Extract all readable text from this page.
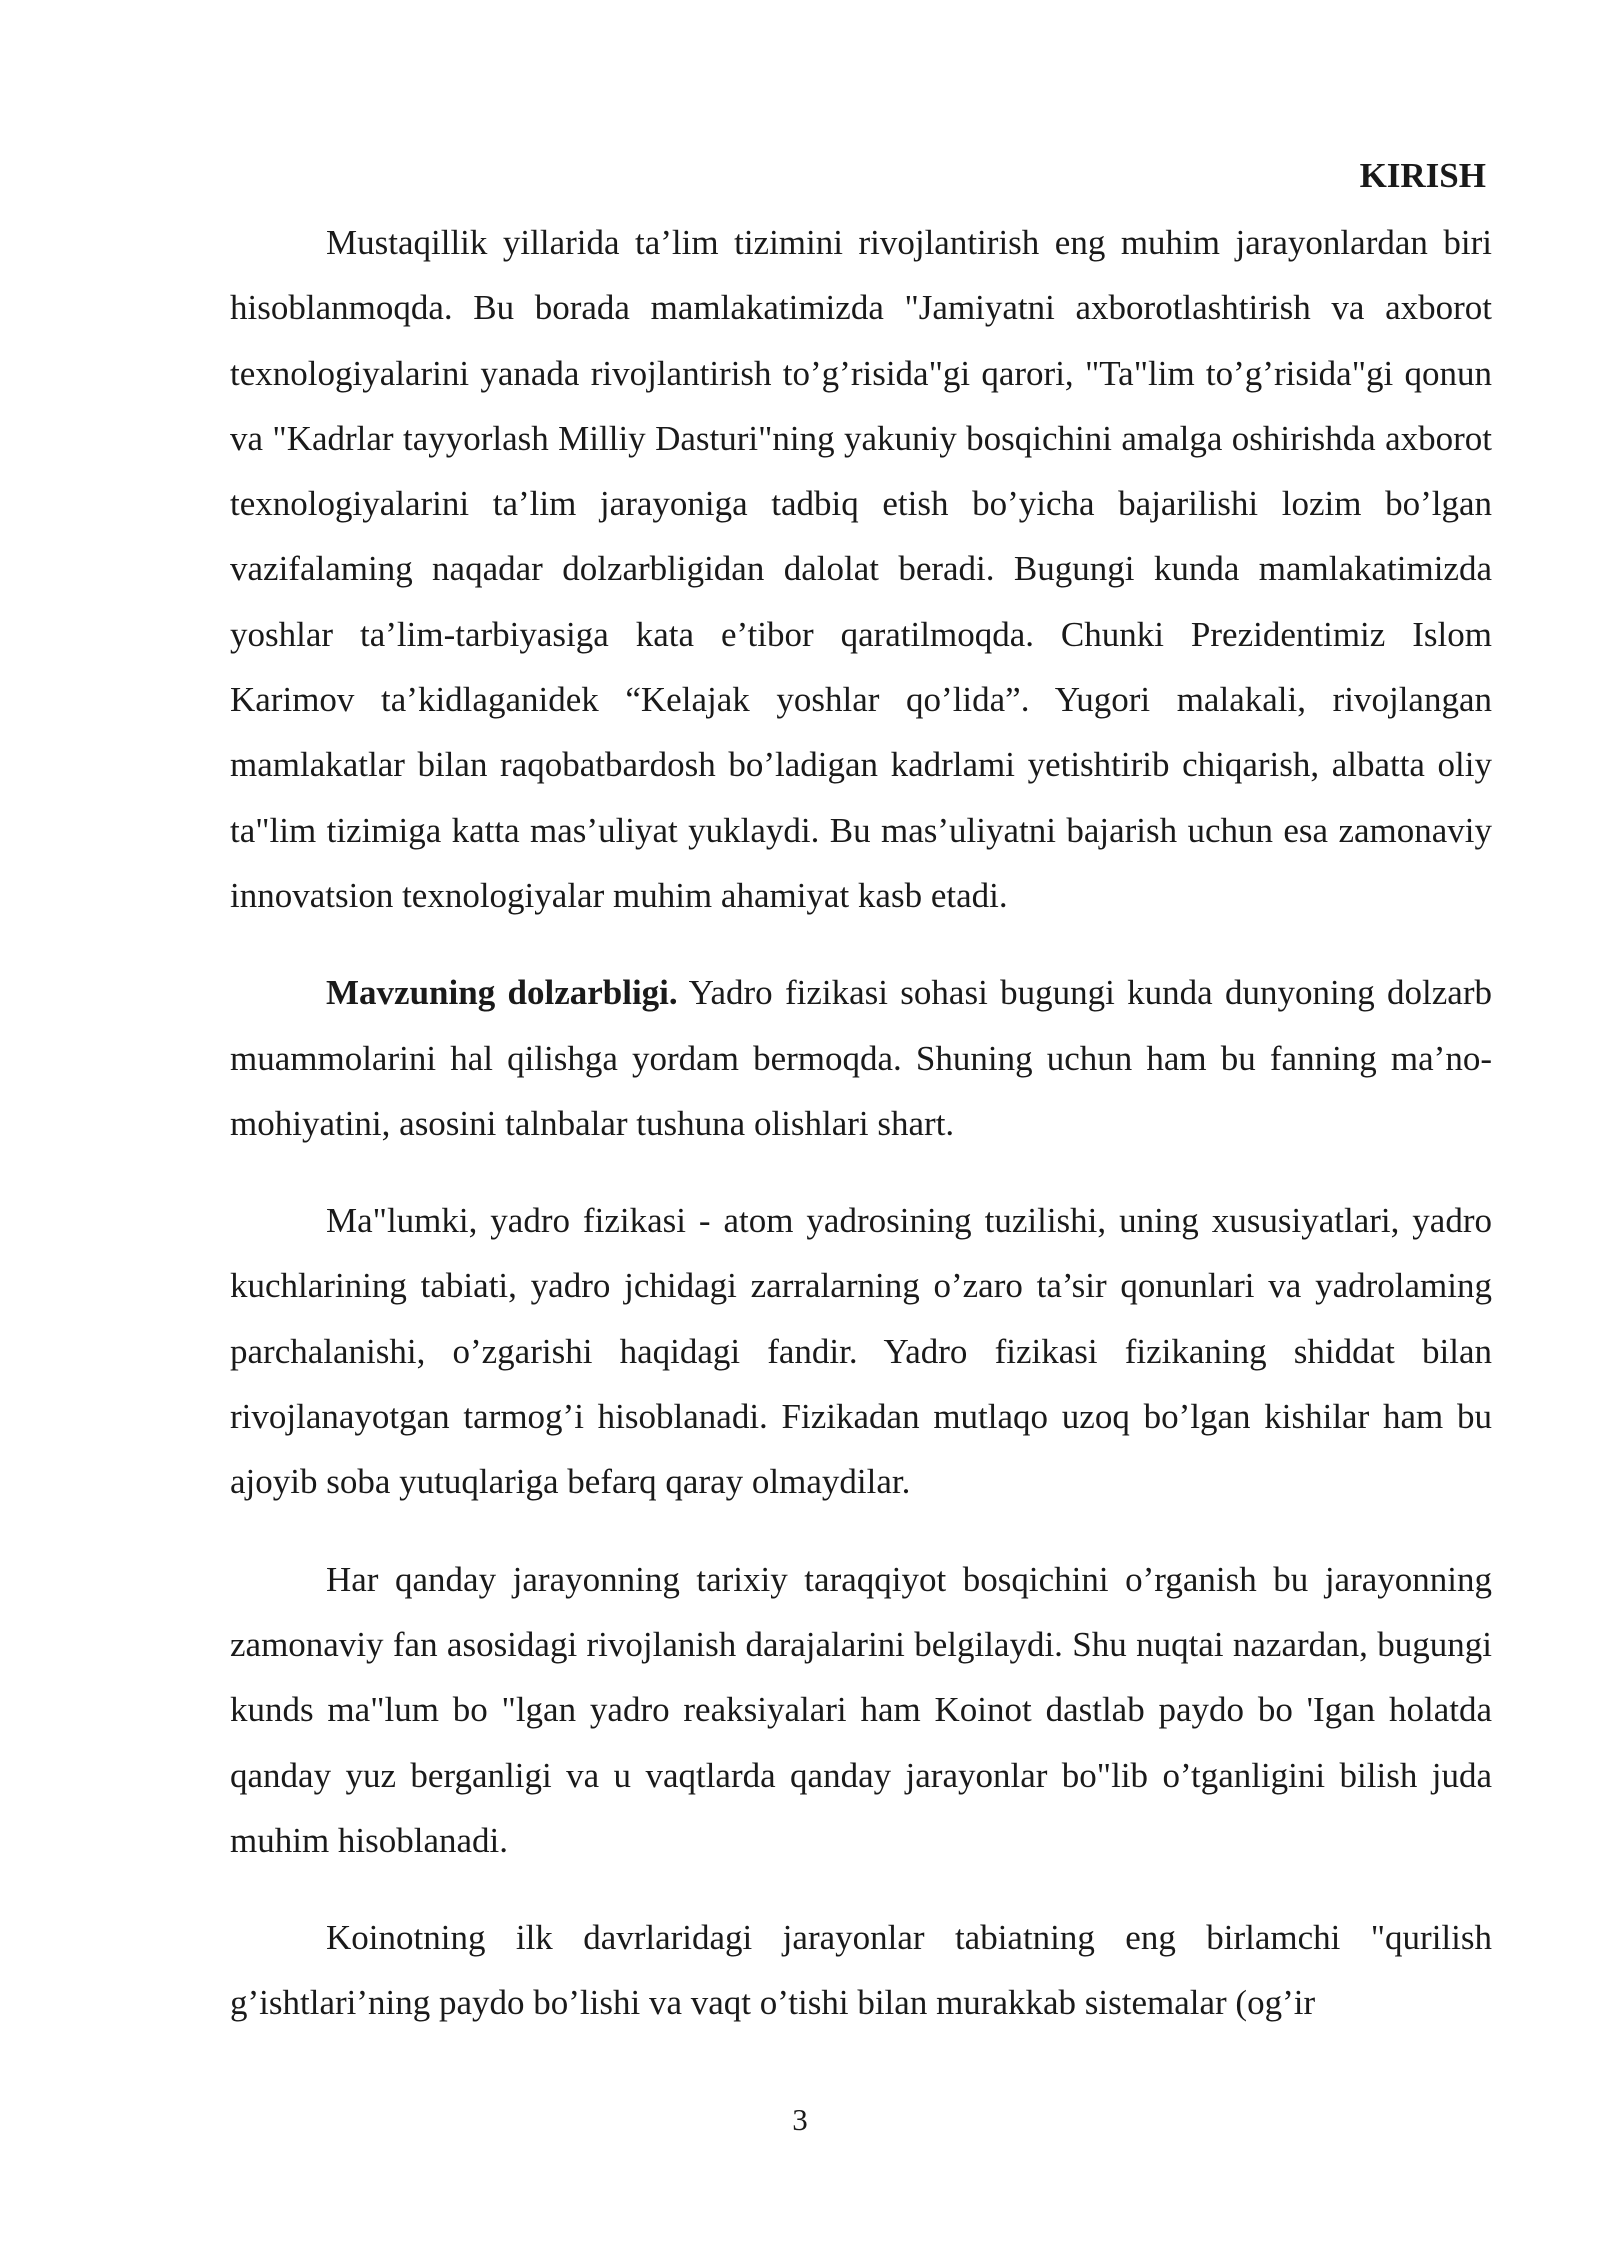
KIRISH

Mustaqillik yillarida ta’lim tizimini rivojlantirish eng muhim jarayonlardan biri hisoblanmoqda. Bu borada mamlakatimizda "Jamiyatni axborotlashtirish va axborot texnologiyalarini yanada rivojlantirish to’g’risida"gi qarori, "Ta"lim to’g’risida"gi qonun va "Kadrlar tayyorlash Milliy Dasturi"ning yakuniy bosqichini amalga oshirishda axborot texnologiyalarini ta’lim jarayoniga tadbiq etish bo’yicha bajarilishi lozim bo’lgan vazifalaming naqadar dolzarbligidan dalolat beradi. Bugungi kunda mamlakatimizda yoshlar ta’lim-tarbiyasiga kata e’tibor qaratilmoqda. Chunki Prezidentimiz Islom Karimov ta’kidlaganidek “Kelajak yoshlar qo’lida”. Yugori malakali, rivojlangan mamlakatlar bilan raqobatbardosh bo’ladigan kadrlami yetishtirib chiqarish, albatta oliy ta"lim tizimiga katta mas’uliyat yuklaydi. Bu mas’uliyatni bajarish uchun esa zamonaviy innovatsion texnologiyalar muhim ahamiyat kasb etadi.

Mavzuning dolzarbligi. Yadro fizikasi sohasi bugungi kunda dunyoning dolzarb muammolarini hal qilishga yordam bermoqda. Shuning uchun ham bu fanning ma’no-mohiyatini, asosini talnbalar tushuna olishlari shart.

Ma"lumki, yadro fizikasi - atom yadrosining tuzilishi, uning xususiyatlari, yadro kuchlarining tabiati, yadro jchidagi zarralarning o’zaro ta’sir qonunlari va yadrolaming parchalanishi, o’zgarishi haqidagi fandir. Yadro fizikasi fizikaning shiddat bilan rivojlanayotgan tarmog’i hisoblanadi. Fizikadan mutlaqo uzoq bo’lgan kishilar ham bu ajoyib soba yutuqlariga befarq qaray olmaydilar.

Har qanday jarayonning tarixiy taraqqiyot bosqichini o’rganish bu jarayonning zamonaviy fan asosidagi rivojlanish darajalarini belgilaydi. Shu nuqtai nazardan, bugungi kunds ma"lum bo "lgan yadro reaksiyalari ham Koinot dastlab paydo bo 'Igan holatda qanday yuz berganligi va u vaqtlarda qanday jarayonlar bo"lib o’tganligini bilish juda muhim hisoblanadi.

Koinotning ilk davrlaridagi jarayonlar tabiatning eng birlamchi "qurilish g’ishtlari’ning paydo bo’lishi va vaqt o’tishi bilan murakkab sistemalar (og’ir

3
